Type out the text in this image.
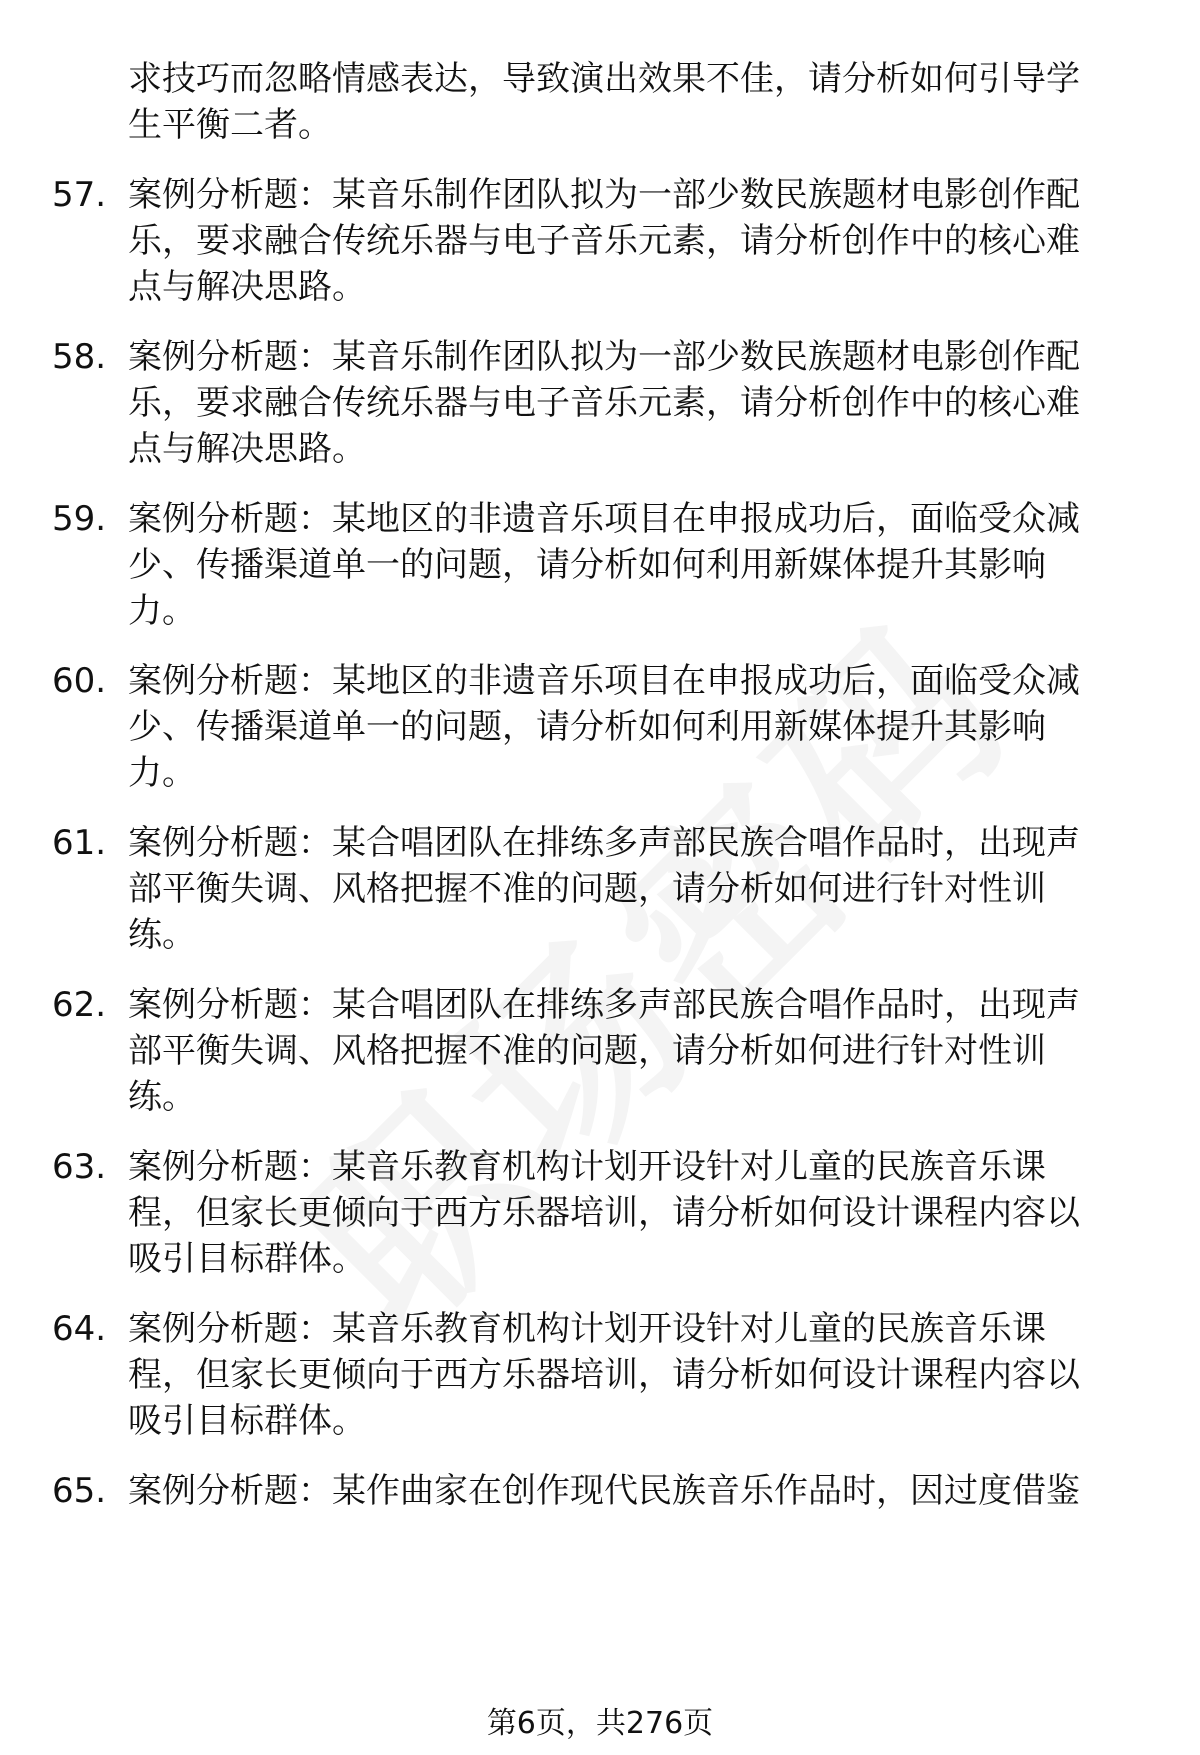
求技巧而忽略情感表达，导致演出效果不佳，请分析如何引导学
生平衡二者。
57. 案例分析题：某音乐制作团队拟为一部少数民族题材电影创作配
乐，要求融合传统乐器与电子音乐元素，请分析创作中的核心难
点与解决思路。
58. 案例分析题：某音乐制作团队拟为一部少数民族题材电影创作配
乐，要求融合传统乐器与电子音乐元素，请分析创作中的核心难
点与解决思路。
59. 案例分析题：某地区的非遗音乐项目在申报成功后，面临受众减
少、传播渠道单一的问题，请分析如何利用新媒体提升其影响
力。
60. 案例分析题：某地区的非遗音乐项目在申报成功后，面临受众减
少、传播渠道单一的问题，请分析如何利用新媒体提升其影响
力。
61. 案例分析题：某合唱团队在排练多声部民族合唱作品时，出现声
部平衡失调、风格把握不准的问题，请分析如何进行针对性训
练。
62. 案例分析题：某合唱团队在排练多声部民族合唱作品时，出现声
部平衡失调、风格把握不准的问题，请分析如何进行针对性训
练。
63. 案例分析题：某音乐教育机构计划开设针对儿童的民族音乐课
程，但家长更倾向于西方乐器培训，请分析如何设计课程内容以
吸引目标群体。
64. 案例分析题：某音乐教育机构计划开设针对儿童的民族音乐课
程，但家长更倾向于西方乐器培训，请分析如何设计课程内容以
吸引目标群体。
65. 案例分析题：某作曲家在创作现代民族音乐作品时，因过度借鉴
第6页，共276页
